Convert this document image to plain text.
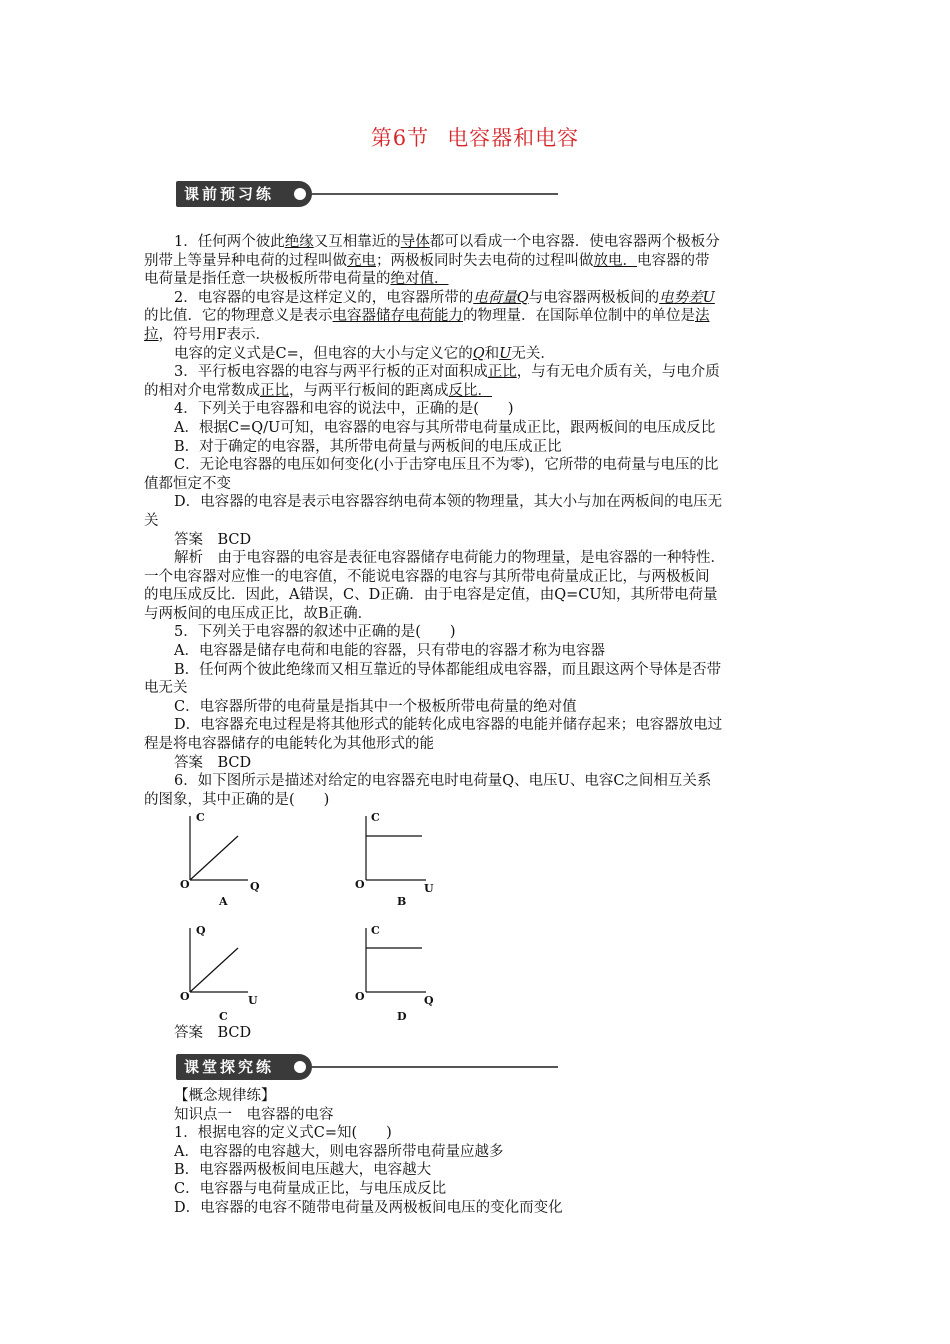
第6节 电容器和电容
课前预习练

1．任何两个彼此绝缘又互相靠近的导体都可以看成一个电容器．使电容器两个极板分

别带上等量异种电荷的过程叫做充电；两极板同时失去电荷的过程叫做放电．电容器的带

电荷量是指任意一块极板所带电荷量的绝对值．

2．电容器的电容是这样定义的，电容器所带的电荷量Q与电容器两极板间的电势差U

的比值．它的物理意义是表示电容器储存电荷能力的物理量．在国际单位制中的单位是法

拉，符号用F表示．

电容的定义式是C=，但电容的大小与定义它的Q和U无关．

3．平行板电容器的电容与两平行板的正对面积成正比，与有无电介质有关，与电介质

的相对介电常数成正比，与两平行板间的距离成反比．

4．下列关于电容器和电容的说法中，正确的是(　　)

A．根据C=Q/U可知，电容器的电容与其所带电荷量成正比，跟两板间的电压成反比

B．对于确定的电容器，其所带电荷量与两板间的电压成正比

C．无论电容器的电压如何变化(小于击穿电压且不为零)，它所带的电荷量与电压的比

值都恒定不变

D．电容器的电容是表示电容器容纳电荷本领的物理量，其大小与加在两板间的电压无

关

答案　BCD

解析　由于电容器的电容是表征电容器储存电荷能力的物理量，是电容器的一种特性．

一个电容器对应惟一的电容值，不能说电容器的电容与其所带电荷量成正比，与两极板间

的电压成反比．因此，A错误，C、D正确．由于电容是定值，由Q=CU知，其所带电荷量

与两板间的电压成正比，故B正确．

5．下列关于电容器的叙述中正确的是(　　)

A．电容器是储存电荷和电能的容器，只有带电的容器才称为电容器

B．任何两个彼此绝缘而又相互靠近的导体都能组成电容器，而且跟这两个导体是否带

电无关

C．电容器所带的电荷量是指其中一个极板所带电荷量的绝对值

D．电容器充电过程是将其他形式的能转化成电容器的电能并储存起来；电容器放电过

程是将电容器储存的电能转化为其他形式的能

答案　BCD

6．如下图所示是描述对给定的电容器充电时电荷量Q、电压U、电容C之间相互关系

的图象，其中正确的是(　　)

C
Q
O
A
C
U
O
B
Q
U
O
C
C
Q
O
D

答案　BCD

课堂探究练

【概念规律练】

知识点一　电容器的电容

1．根据电容的定义式C=知(　　)

A．电容器的电容越大，则电容器所带电荷量应越多

B．电容器两极板间电压越大，电容越大

C．电容器与电荷量成正比，与电压成反比

D．电容器的电容不随带电荷量及两极板间电压的变化而变化
